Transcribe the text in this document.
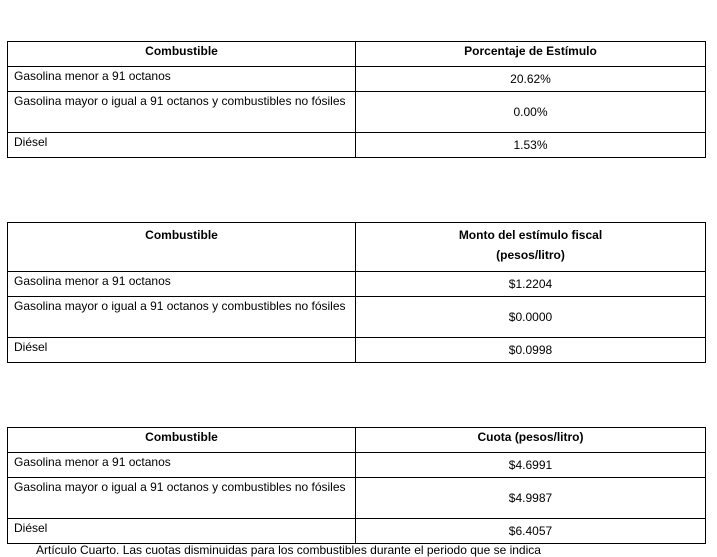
Combustible	Porcentaje de Estímulo
Gasolina menor a 91 octanos	20.62%
Gasolina mayor o igual a 91 octanos y combustibles no fósiles	0.00%
Diésel	1.53%
Combustible	Monto del estímulo fiscal
(pesos/litro)

Gasolina menor a 91 octanos	$1.2204
Gasolina mayor o igual a 91 octanos y combustibles no fósiles	$0.0000
Diésel	$0.0998
Combustible	Cuota (pesos/litro)
Gasolina menor a 91 octanos	$4.6991
Gasolina mayor o igual a 91 octanos y combustibles no fósiles	$4.9987
Diésel	$6.4057
Artículo Cuarto. Las cuotas disminuidas para los combustibles durante el periodo que se indica
